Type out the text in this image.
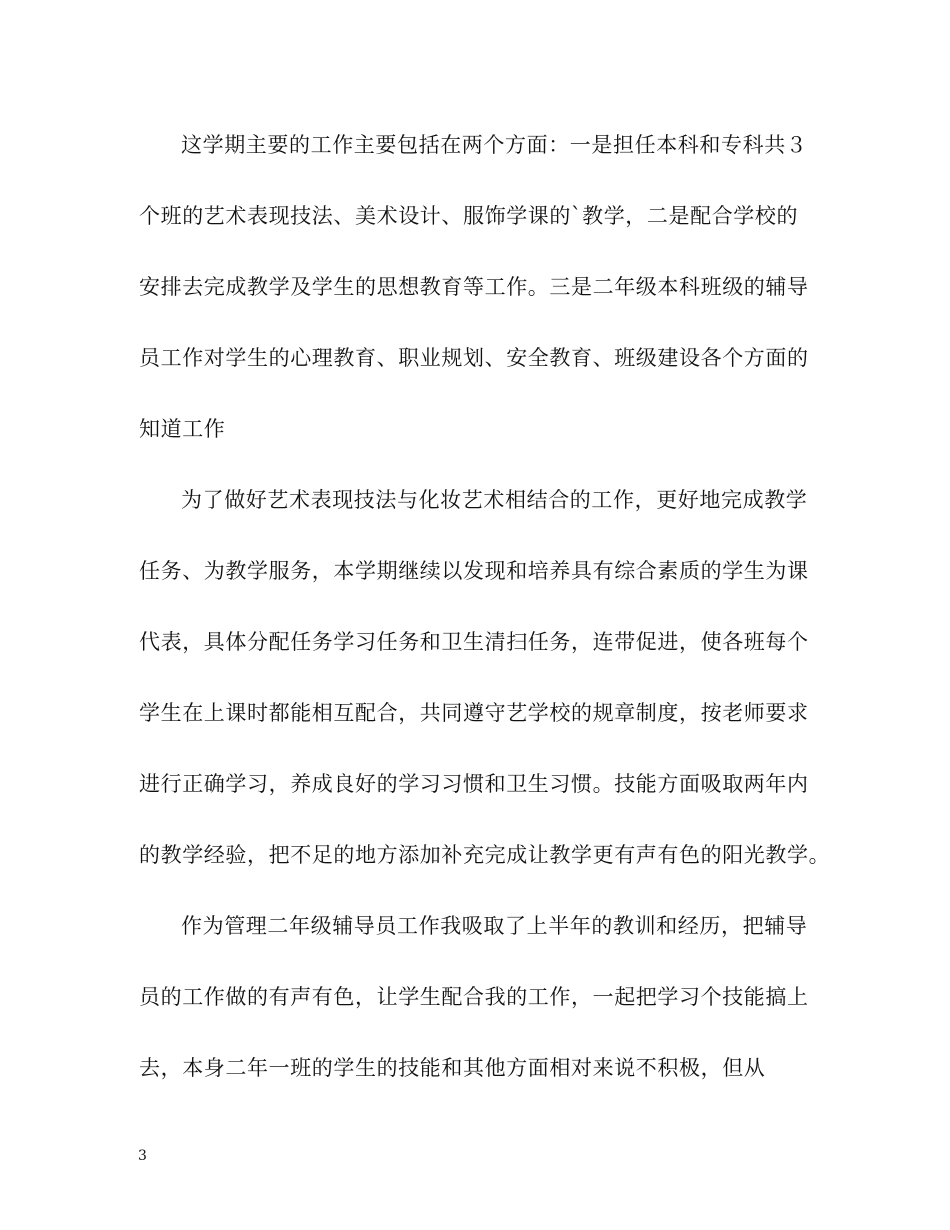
这学期主要的工作主要包括在两个方面：一是担任本科和专科共３
个班的艺术表现技法、美术设计、服饰学课的`教学，二是配合学校的
安排去完成教学及学生的思想教育等工作。三是二年级本科班级的辅导
员工作对学生的心理教育、职业规划、安全教育、班级建设各个方面的
知道工作
为了做好艺术表现技法与化妆艺术相结合的工作，更好地完成教学
任务、为教学服务，本学期继续以发现和培养具有综合素质的学生为课
代表，具体分配任务学习任务和卫生清扫任务，连带促进，使各班每个
学生在上课时都能相互配合，共同遵守艺学校的规章制度，按老师要求
进行正确学习，养成良好的学习习惯和卫生习惯。技能方面吸取两年内
的教学经验，把不足的地方添加补充完成让教学更有声有色的阳光教学。
作为管理二年级辅导员工作我吸取了上半年的教训和经历，把辅导
员的工作做的有声有色，让学生配合我的工作，一起把学习个技能搞上
去，本身二年一班的学生的技能和其他方面相对来说不积极，但从
3
